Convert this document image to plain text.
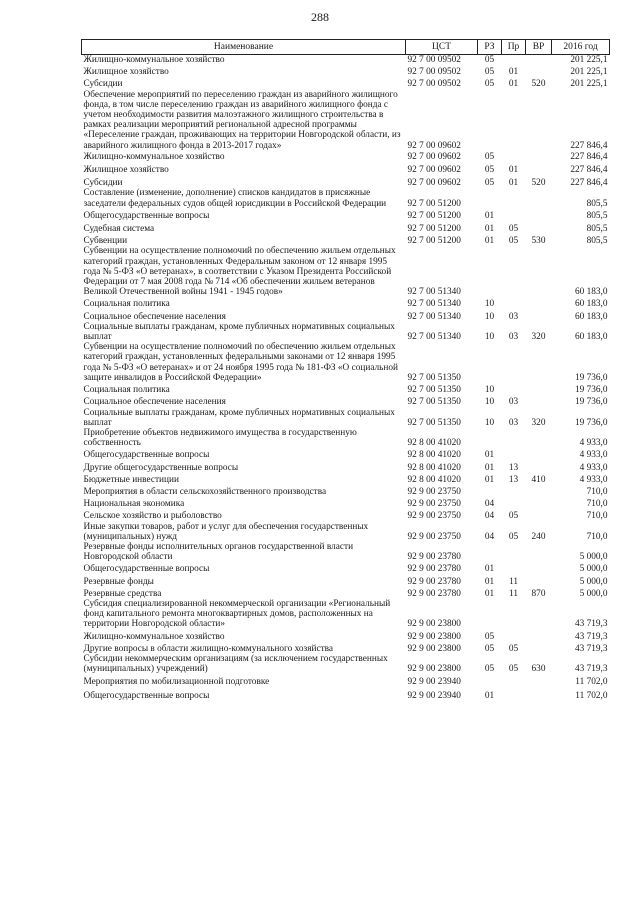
288
Наименование	ЦСТ	РЗ	Пр	ВР	2016 год
Жилищно-коммунальное хозяйство	92 7 00 09502	05			201 225,1
Жилищное хозяйство	92 7 00 09502	05	01		201 225,1
Субсидии	92 7 00 09502	05	01	520	201 225,1
Обеспечение мероприятий по переселению граждан из аварийного жилищного фонда, в том числе переселению граждан из аварийного жилищного фонда с учетом необходимости развития малоэтажного жилищного строительства в рамках реализации мероприятий региональной адресной программы «Переселение граждан, проживающих на территории Новгородской области, из аварийного жилищного фонда в 2013-2017 годах»	92 7 00 09602				227 846,4
Жилищно-коммунальное хозяйство	92 7 00 09602	05			227 846,4
Жилищное хозяйство	92 7 00 09602	05	01		227 846,4
Субсидии	92 7 00 09602	05	01	520	227 846,4
Составление (изменение, дополнение) списков кандидатов в присяжные заседатели федеральных судов общей юрисдикции в Российской Федерации	92 7 00 51200				805,5
Общегосударственные вопросы	92 7 00 51200	01			805,5
Судебная система	92 7 00 51200	01	05		805,5
Субвенции	92 7 00 51200	01	05	530	805,5
Субвенции на осуществление полномочий по обеспечению жильем отдельных категорий граждан, установленных Федеральным законом от 12 января 1995 года № 5-ФЗ «О ветеранах», в соответствии с Указом Президента Российской Федерации от 7 мая 2008 года № 714 «Об обеспечении жильем ветеранов Великой Отечественной войны 1941 - 1945 годов»	92 7 00 51340				60 183,0
Социальная политика	92 7 00 51340	10			60 183,0
Социальное обеспечение населения	92 7 00 51340	10	03		60 183,0
Социальные выплаты гражданам, кроме публичных нормативных социальных выплат	92 7 00 51340	10	03	320	60 183,0
Субвенции на осуществление полномочий по обеспечению жильем отдельных категорий граждан, установленных федеральными законами от 12 января 1995 года № 5-ФЗ «О ветеранах» и от 24 ноября 1995 года № 181-ФЗ «О социальной защите инвалидов в Российской Федерации»	92 7 00 51350				19 736,0
Социальная политика	92 7 00 51350	10			19 736,0
Социальное обеспечение населения	92 7 00 51350	10	03		19 736,0
Социальные выплаты гражданам, кроме публичных нормативных социальных выплат	92 7 00 51350	10	03	320	19 736,0
Приобретение объектов недвижимого имущества в государственную собственность	92 8 00 41020				4 933,0
Общегосударственные вопросы	92 8 00 41020	01			4 933,0
Другие общегосударственные вопросы	92 8 00 41020	01	13		4 933,0
Бюджетные инвестиции	92 8 00 41020	01	13	410	4 933,0
Мероприятия в области сельскохозяйственного производства	92 9 00 23750				710,0
Национальная экономика	92 9 00 23750	04			710,0
Сельское хозяйство и рыболовство	92 9 00 23750	04	05		710,0
Иные закупки товаров, работ и услуг для обеспечения государственных (муниципальных) нужд	92 9 00 23750	04	05	240	710,0
Резервные фонды исполнительных органов государственной власти Новгородской области	92 9 00 23780				5 000,0
Общегосударственные вопросы	92 9 00 23780	01			5 000,0
Резервные фонды	92 9 00 23780	01	11		5 000,0
Резервные средства	92 9 00 23780	01	11	870	5 000,0
Субсидия специализированной некоммерческой организации «Региональный фонд капитального ремонта многоквартирных домов, расположенных на территории Новгородской области»	92 9 00 23800				43 719,3
Жилищно-коммунальное хозяйство	92 9 00 23800	05			43 719,3
Другие вопросы в области жилищно-коммунального хозяйства	92 9 00 23800	05	05		43 719,3
Субсидии некоммерческим организациям (за исключением государственных (муниципальных) учреждений)	92 9 00 23800	05	05	630	43 719,3
Мероприятия по мобилизационной подготовке	92 9 00 23940				11 702,0
Общегосударственные вопросы	92 9 00 23940	01			11 702,0
